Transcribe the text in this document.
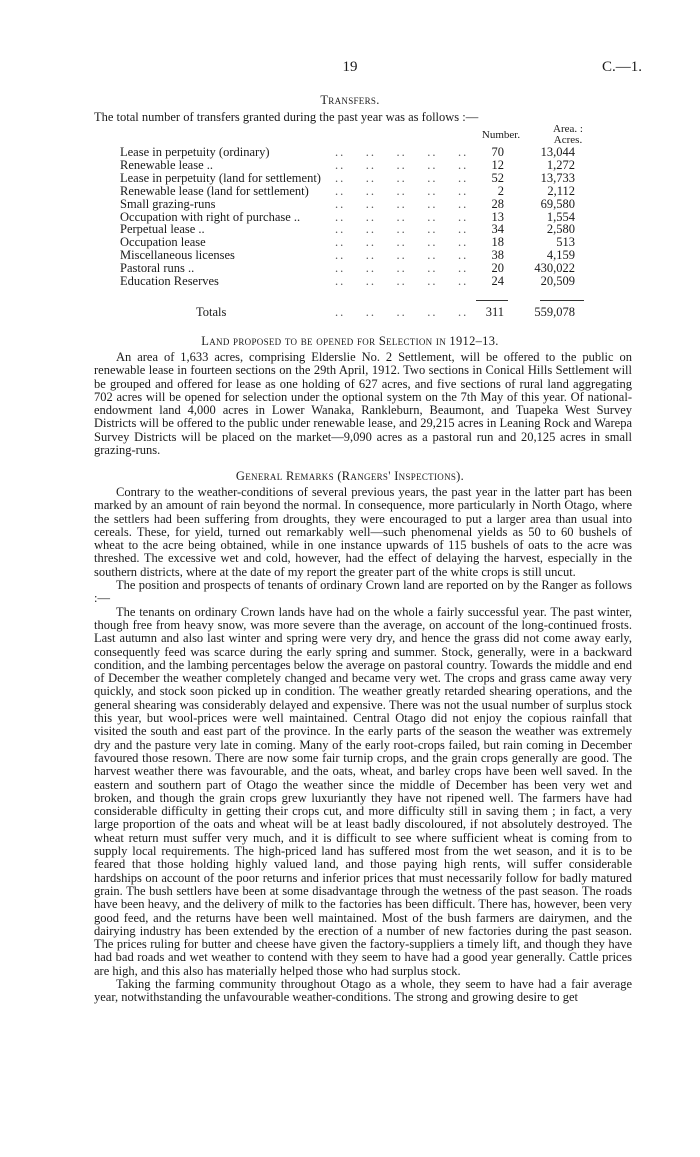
19	C.—1.
Transfers.
The total number of transfers granted during the past year was as follows :—
Number.	Area. :
Acres.
Lease in perpetuity (ordinary)	..    ..    ..    ..    ..	70	13,044
Renewable lease ..	..    ..    ..    ..    ..	12	1,272
Lease in perpetuity (land for settlement) ..    ..    ..    ..    ..	52	13,733
Renewable lease (land for settlement) ..    ..    ..    ..    ..	2	2,112
Small grazing-runs	..    ..    ..    ..    ..	28	69,580
Occupation with right of purchase ..	..    ..    ..    ..    ..	13	1,554
Perpetual lease ..	..    ..    ..    ..    ..	34	2,580
Occupation lease	..    ..    ..    ..    ..	18	513
Miscellaneous licenses	..    ..    ..    ..    ..	38	4,159
Pastoral runs ..	..    ..    ..    ..    ..	20	430,022
Education Reserves	..    ..    ..    ..    ..	24	20,509
Totals	..    ..    ..    ..    ..	311	559,078
Land proposed to be opened for Selection in 1912–13.

An area of 1,633 acres, comprising Elderslie No. 2 Settlement, will be offered to the public on renewable lease in fourteen sections on the 29th April, 1912. Two sections in Conical Hills Settlement will be grouped and offered for lease as one holding of 627 acres, and five sections of rural land aggregating 702 acres will be opened for selection under the optional system on the 7th May of this year. Of national-endowment land 4,000 acres in Lower Wanaka, Rankleburn, Beaumont, and Tuapeka West Survey Districts will be offered to the public under renewable lease, and 29,215 acres in Leaning Rock and Warepa Survey Districts will be placed on the market—9,090 acres as a pastoral run and 20,125 acres in small grazing-runs.

General Remarks (Rangers' Inspections).

Contrary to the weather-conditions of several previous years, the past year in the latter part has been marked by an amount of rain beyond the normal. In consequence, more particularly in North Otago, where the settlers had been suffering from droughts, they were encouraged to put a larger area than usual into cereals. These, for yield, turned out remarkably well—such phenomenal yields as 50 to 60 bushels of wheat to the acre being obtained, while in one instance upwards of 115 bushels of oats to the acre was threshed. The excessive wet and cold, however, had the effect of delaying the harvest, especially in the southern districts, where at the date of my report the greater part of the white crops is still uncut.

The position and prospects of tenants of ordinary Crown land are reported on by the Ranger as follows :—

The tenants on ordinary Crown lands have had on the whole a fairly successful year. The past winter, though free from heavy snow, was more severe than the average, on account of the long-continued frosts. Last autumn and also last winter and spring were very dry, and hence the grass did not come away early, consequently feed was scarce during the early spring and summer. Stock, generally, were in a backward condition, and the lambing percentages below the average on pastoral country. Towards the middle and end of December the weather completely changed and became very wet. The crops and grass came away very quickly, and stock soon picked up in condition. The weather greatly retarded shearing operations, and the general shearing was considerably delayed and expensive. There was not the usual number of surplus stock this year, but wool-prices were well maintained. Central Otago did not enjoy the copious rainfall that visited the south and east part of the province. In the early parts of the season the weather was extremely dry and the pasture very late in coming. Many of the early root-crops failed, but rain coming in December favoured those resown. There are now some fair turnip crops, and the grain crops generally are good. The harvest weather there was favourable, and the oats, wheat, and barley crops have been well saved. In the eastern and southern part of Otago the weather since the middle of December has been very wet and broken, and though the grain crops grew luxuriantly they have not ripened well. The farmers have had considerable difficulty in getting their crops cut, and more difficulty still in saving them ; in fact, a very large proportion of the oats and wheat will be at least badly discoloured, if not absolutely destroyed. The wheat return must suffer very much, and it is difficult to see where sufficient wheat is coming from to supply local requirements. The high-priced land has suffered most from the wet season, and it is to be feared that those holding highly valued land, and those paying high rents, will suffer considerable hardships on account of the poor returns and inferior prices that must necessarily follow for badly matured grain. The bush settlers have been at some disadvantage through the wetness of the past season. The roads have been heavy, and the delivery of milk to the factories has been difficult. There has, however, been very good feed, and the returns have been well maintained. Most of the bush farmers are dairymen, and the dairying industry has been extended by the erection of a number of new factories during the past season. The prices ruling for butter and cheese have given the factory-suppliers a timely lift, and though they have had bad roads and wet weather to contend with they seem to have had a good year generally. Cattle prices are high, and this also has materially helped those who had surplus stock.

Taking the farming community throughout Otago as a whole, they seem to have had a fair average year, notwithstanding the unfavourable weather-conditions. The strong and growing desire to get
